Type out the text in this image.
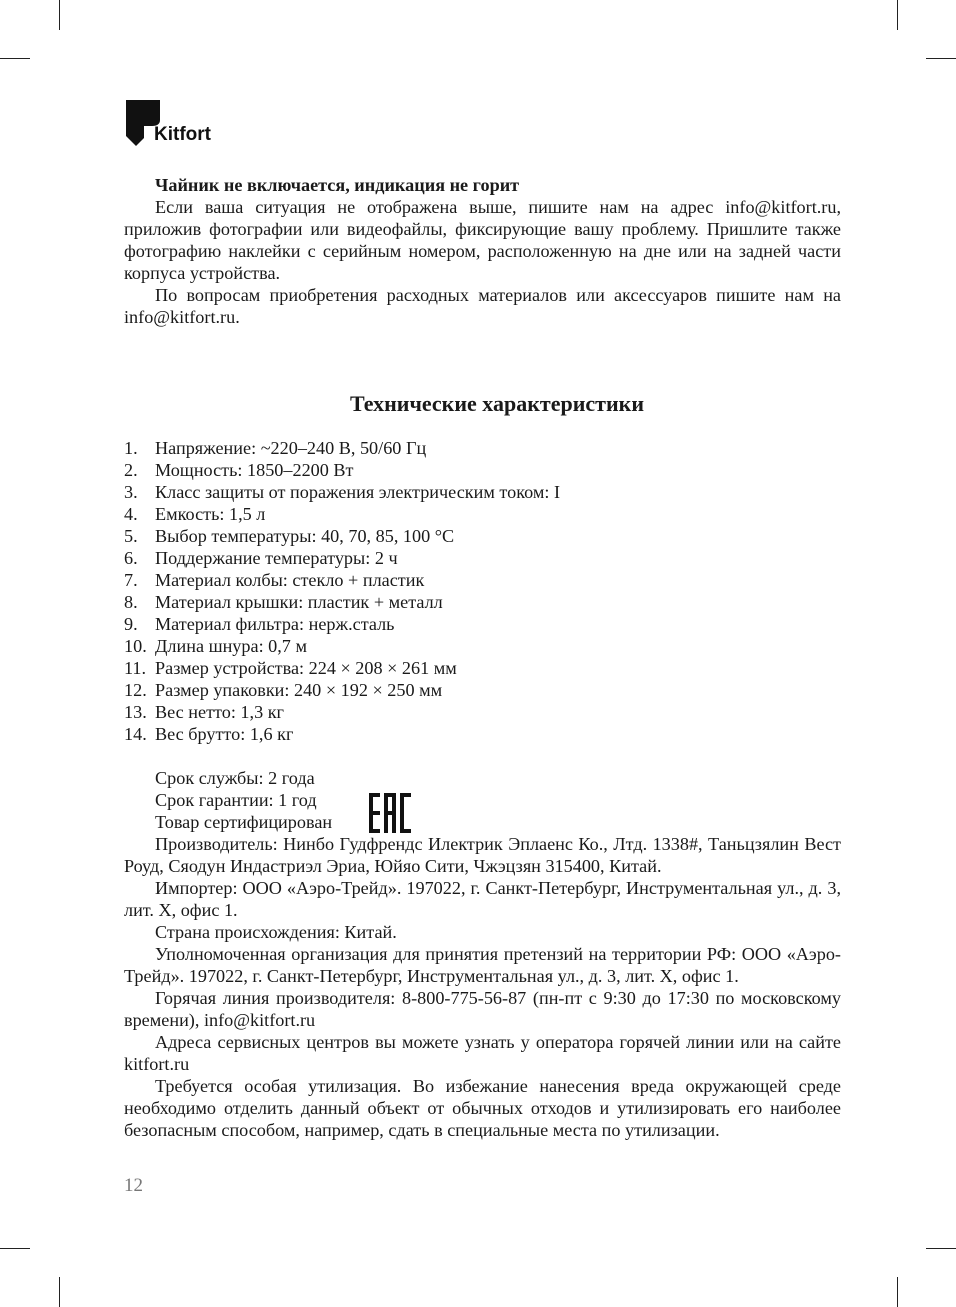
Kitfort

Чайник не включается, индикация не горит

Если ваша ситуация не отображена выше, пишите нам на адрес info@kitfort.ru, приложив фотографии или видеофайлы, фиксирующие вашу проблему. Пришлите также фотографию наклейки с серийным номером, расположенную на дне или на задней части корпуса устройства.

По вопросам приобретения расходных материалов или аксессуаров пишите нам на info@kitfort.ru.

Технические характеристики
1. Напряжение: ~220–240 В, 50/60 Гц
2. Мощность: 1850–2200 Вт
3. Класс защиты от поражения электрическим током: I
4. Емкость: 1,5 л
5. Выбор температуры: 40, 70, 85, 100 °С
6. Поддержание температуры: 2 ч
7. Материал колбы: стекло + пластик
8. Материал крышки: пластик + металл
9. Материал фильтра: нерж.сталь
10. Длина шнура: 0,7 м
11. Размер устройства: 224 × 208 × 261 мм
12. Размер упаковки: 240 × 192 × 250 мм
13. Вес нетто: 1,3 кг
14. Вес брутто: 1,6 кг

Срок службы: 2 года

Срок гарантии: 1 год

Товар сертифицирован

Производитель: Нинбо Гудфрендс Илектрик Эплаенс Ко., Лтд. 1338#, Таньцзялин Вест Роуд, Сяодун Индастриэл Эриа, Юйяо Сити, Чжэцзян 315400, Китай.

Импортер: ООО «Аэро-Трейд». 197022, г. Санкт-Петербург, Инструментальная ул., д. 3, лит. Х, офис 1.

Страна происхождения: Китай.

Уполномоченная организация для принятия претензий на территории РФ: ООО «Аэро-Трейд». 197022, г. Санкт-Петербург, Инструментальная ул., д. 3, лит. Х, офис 1.

Горячая линия производителя: 8-800-775-56-87 (пн-пт с 9:30 до 17:30 по московскому времени), info@kitfort.ru

Адреса сервисных центров вы можете узнать у оператора горячей линии или на сайте kitfort.ru

Требуется особая утилизация. Во избежание нанесения вреда окружающей среде необходимо отделить данный объект от обычных отходов и утилизировать его наиболее безопасным способом, например, сдать в специальные места по утилизации.

12
